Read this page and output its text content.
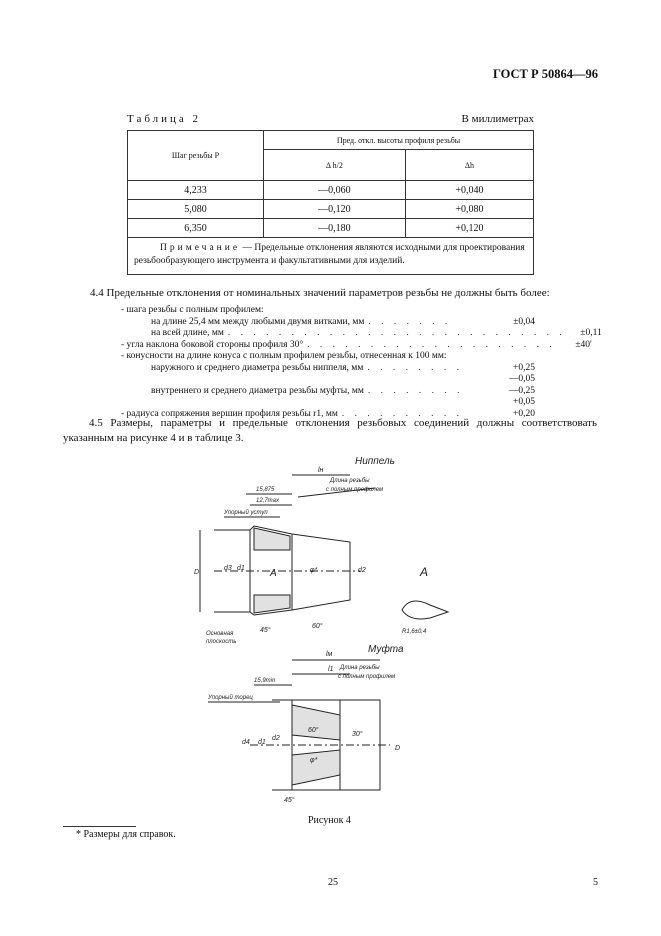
ГОСТ Р 50864—96
Таблица 2	В миллиметрах
Шаг резьбы P	Пред. откл. высоты профиля резьбы	
	Δ h/2	Δh
4,233	—0,060	+0,040
5,080	—0,120	+0,080
6,350	—0,180	+0,120
Примечание — Предельные отклонения являются исходными для проектирования резьбообразующего инструмента и факультативными для изделий.		
4.4 Предельные отклонения от номинальных значений параметров резьбы не должны быть более:
- шага резьбы с полным профилем:
на длине 25,4 мм между любыми двумя витками, мм . . . . . . .	±0,04
на всей длине, мм . . . . . . . . . . . . . . . . . . . . . . . . . . .	±0,11
- угла наклона боковой стороны профиля 30° . . . . . . . . . . . . . . . . . . . .	±40'
- конусности на длине конуса с полным профилем резьбы, отнесенная к 100 мм:
наружного и среднего диаметра резьбы ниппеля, мм . . . . . . . .	+0,25
—0,05
внутреннего и среднего диаметра резьбы муфты, мм . . . . . . . .	—0,25
+0,05
- радиуса сопряжения вершин профиля резьбы r1, мм . . . . . . . . . .	+0,20
4.5 Размеры, параметры и предельные отклонения резьбовых соединений должны соответствовать указанным на рисунке 4 и в таблице 3.
Ниппель
lн
15,875
12,7max
Длина резьбы
с полным профилем
Упорный уступ
D
d3 d1	d2
A	φ*
45°
60°
Основная
плоскость
A
R1,6±0,4
Муфта
lм
l1 Длина резьбы
с полным профилем
15,9min
Упорный торец
d4 d1
d2
D
60°
30°
φ*
45°
Рисунок 4
* Размеры для справок.
25	5
